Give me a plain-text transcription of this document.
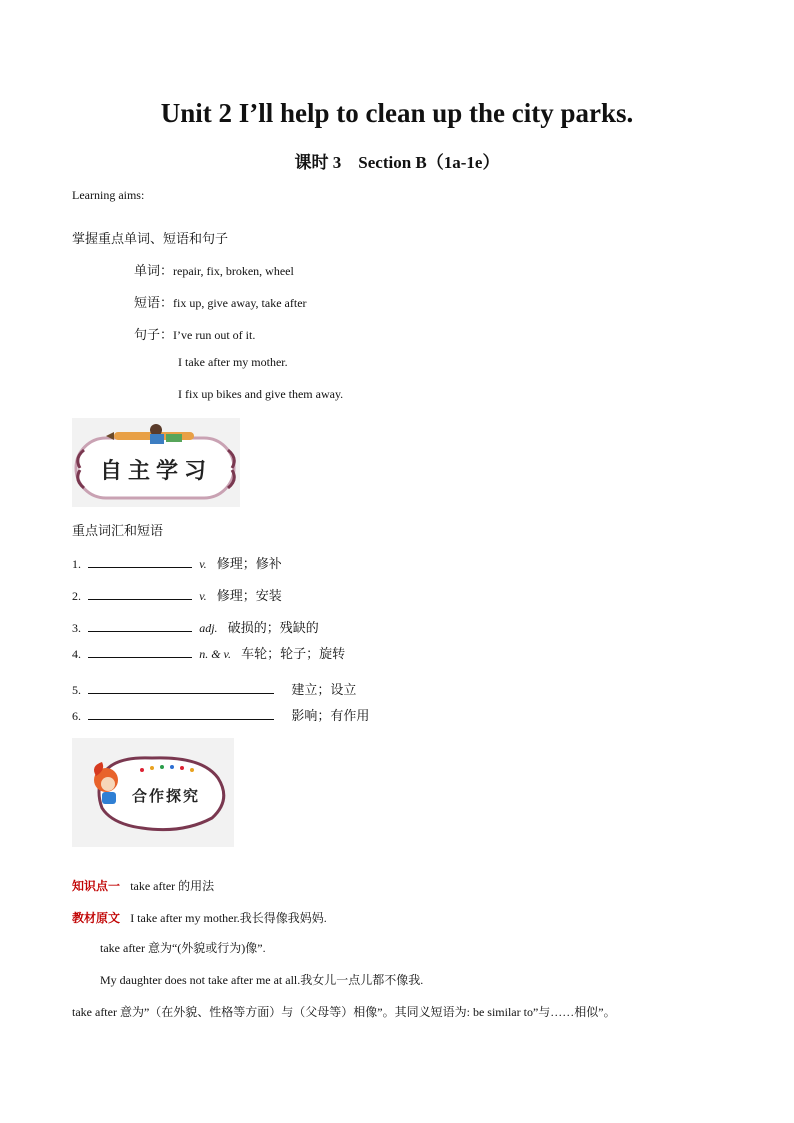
Unit 2 I’ll help to clean up the city parks.
课时 3　Section B（1a-1e）
Learning aims:
掌握重点单词、短语和句子
单词：repair, fix, broken, wheel
短语：fix up, give away, take after
句子：I’ve run out of it.
I take after my mother.
I fix up bikes and give them away.
自主学习
重点词汇和短语
1.	v. 修理；修补
2.	v. 修理；安装
3.	adj. 破损的；残缺的
4.	n. & v. 车轮；轮子；旋转
5.	建立；设立
6.	影响；有作用
合作探究
知识点一 take after 的用法
教材原文 I take after my mother.我长得像我妈妈.
take after 意为“(外貌或行为)像”.
My daughter does not take after me at all.我女儿一点儿都不像我.
take after 意为”（在外貌、性格等方面）与（父母等）相像”。其同义短语为: be similar to”与……相似”。
